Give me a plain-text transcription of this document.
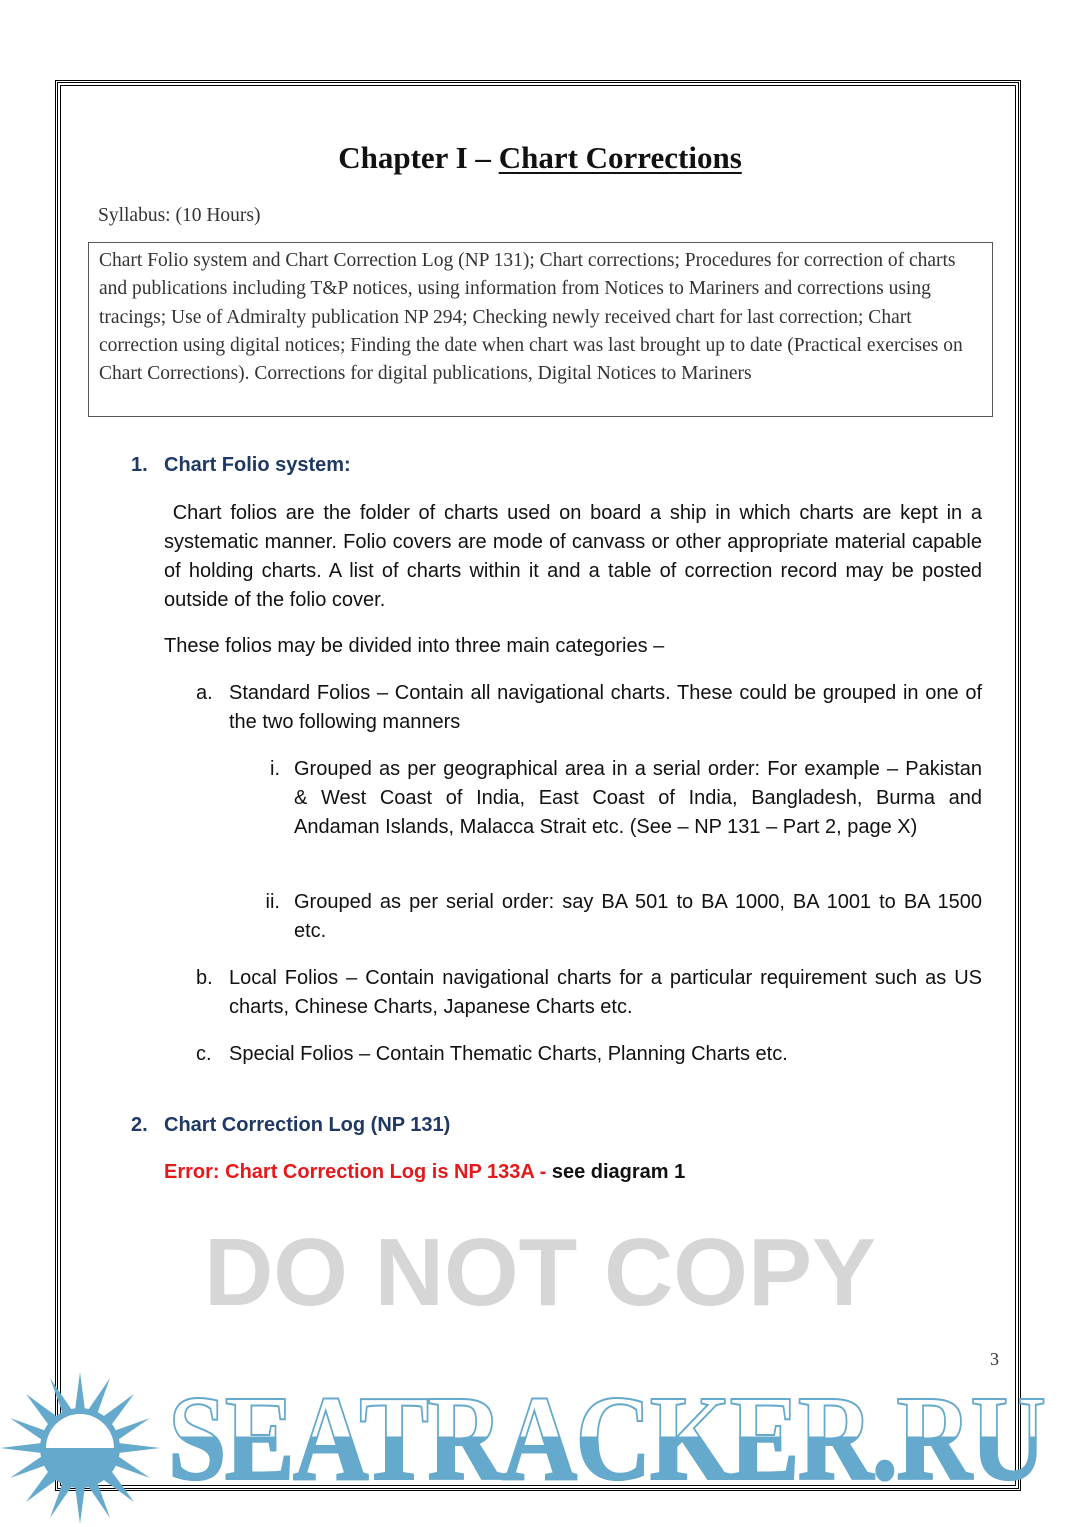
Chapter I – Chart Corrections
Syllabus: (10 Hours)
Chart Folio system and Chart Correction Log (NP 131); Chart corrections; Procedures for correction of charts and publications including T&P notices, using information from Notices to Mariners and corrections using tracings; Use of Admiralty publication NP 294; Checking newly received chart for last correction; Chart correction using digital notices; Finding the date when chart was last brought up to date (Practical exercises on Chart Corrections). Corrections for digital publications, Digital Notices to Mariners
1. Chart Folio system:
Chart folios are the folder of charts used on board a ship in which charts are kept in a systematic manner. Folio covers are mode of canvass or other appropriate material capable of holding charts. A list of charts within it and a table of correction record may be posted outside of the folio cover.
These folios may be divided into three main categories –
a. Standard Folios – Contain all navigational charts. These could be grouped in one of the two following manners
i. Grouped as per geographical area in a serial order: For example – Pakistan & West Coast of India, East Coast of India, Bangladesh, Burma and Andaman Islands, Malacca Strait etc. (See – NP 131 – Part 2, page X)
ii. Grouped as per serial order: say BA 501 to BA 1000, BA 1001 to BA 1500 etc.
b. Local Folios – Contain navigational charts for a particular requirement such as US charts, Chinese Charts, Japanese Charts etc.
c. Special Folios – Contain Thematic Charts, Planning Charts etc.
2. Chart Correction Log (NP 131)
Error: Chart Correction Log is NP 133A - see diagram 1
DO NOT COPY
SEATRACKER.RU
3
